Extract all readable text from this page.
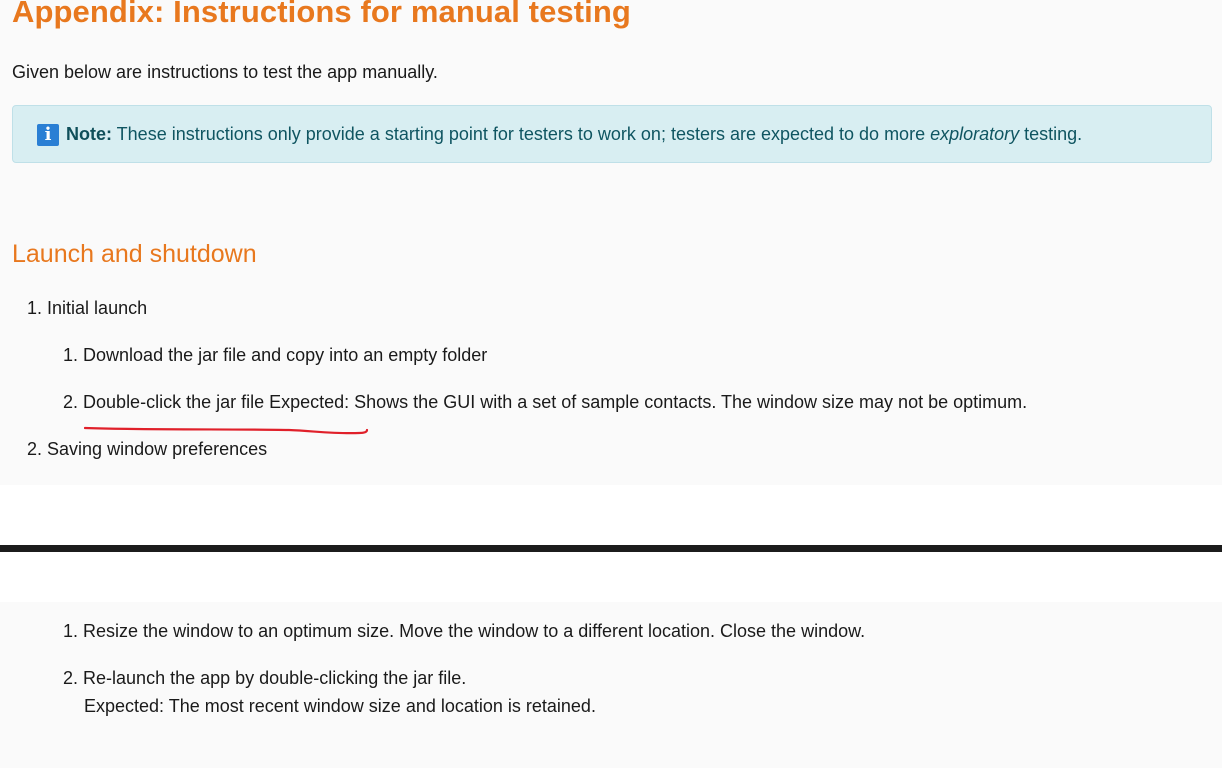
Appendix: Instructions for manual testing
Given below are instructions to test the app manually.
i Note: These instructions only provide a starting point for testers to work on; testers are expected to do more exploratory testing.
Launch and shutdown
1. Initial launch
1. Download the jar file and copy into an empty folder
2. Double-click the jar file Expected: Shows the GUI with a set of sample contacts. The window size may not be optimum.
2. Saving window preferences
1. Resize the window to an optimum size. Move the window to a different location. Close the window.
2. Re-launch the app by double-clicking the jar file.
Expected: The most recent window size and location is retained.
